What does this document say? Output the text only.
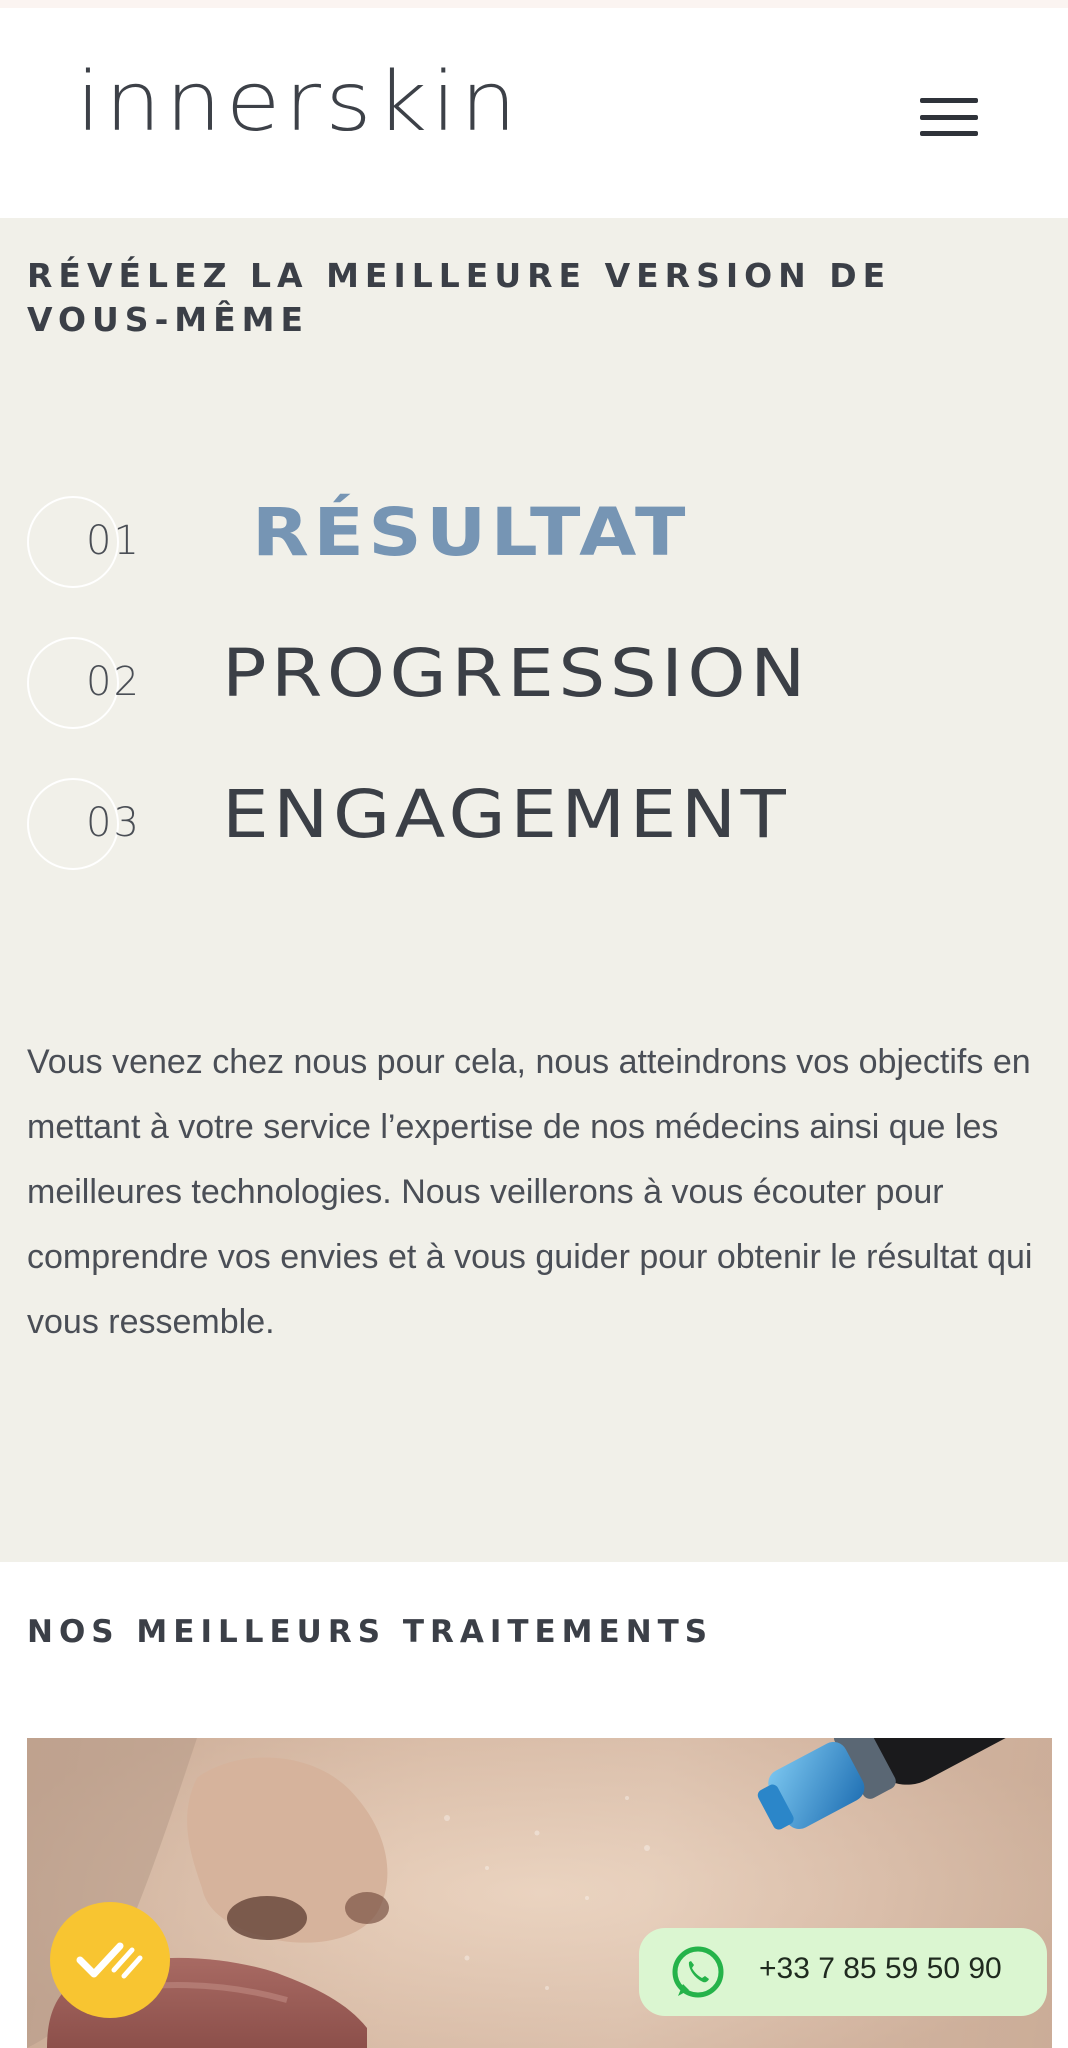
innerskin
RÉVÉLEZ LA MEILLEURE VERSION DE VOUS-MÊME
01 RÉSULTAT
02 PROGRESSION
03 ENGAGEMENT

Vous venez chez nous pour cela, nous atteindrons vos objectifs en mettant à votre service l’expertise de nos médecins ainsi que les meilleures technologies. Nous veillerons à vous écouter pour comprendre vos envies et à vous guider pour obtenir le résultat qui vous ressemble.

NOS MEILLEURS TRAITEMENTS
+33 7 85 59 50 90
